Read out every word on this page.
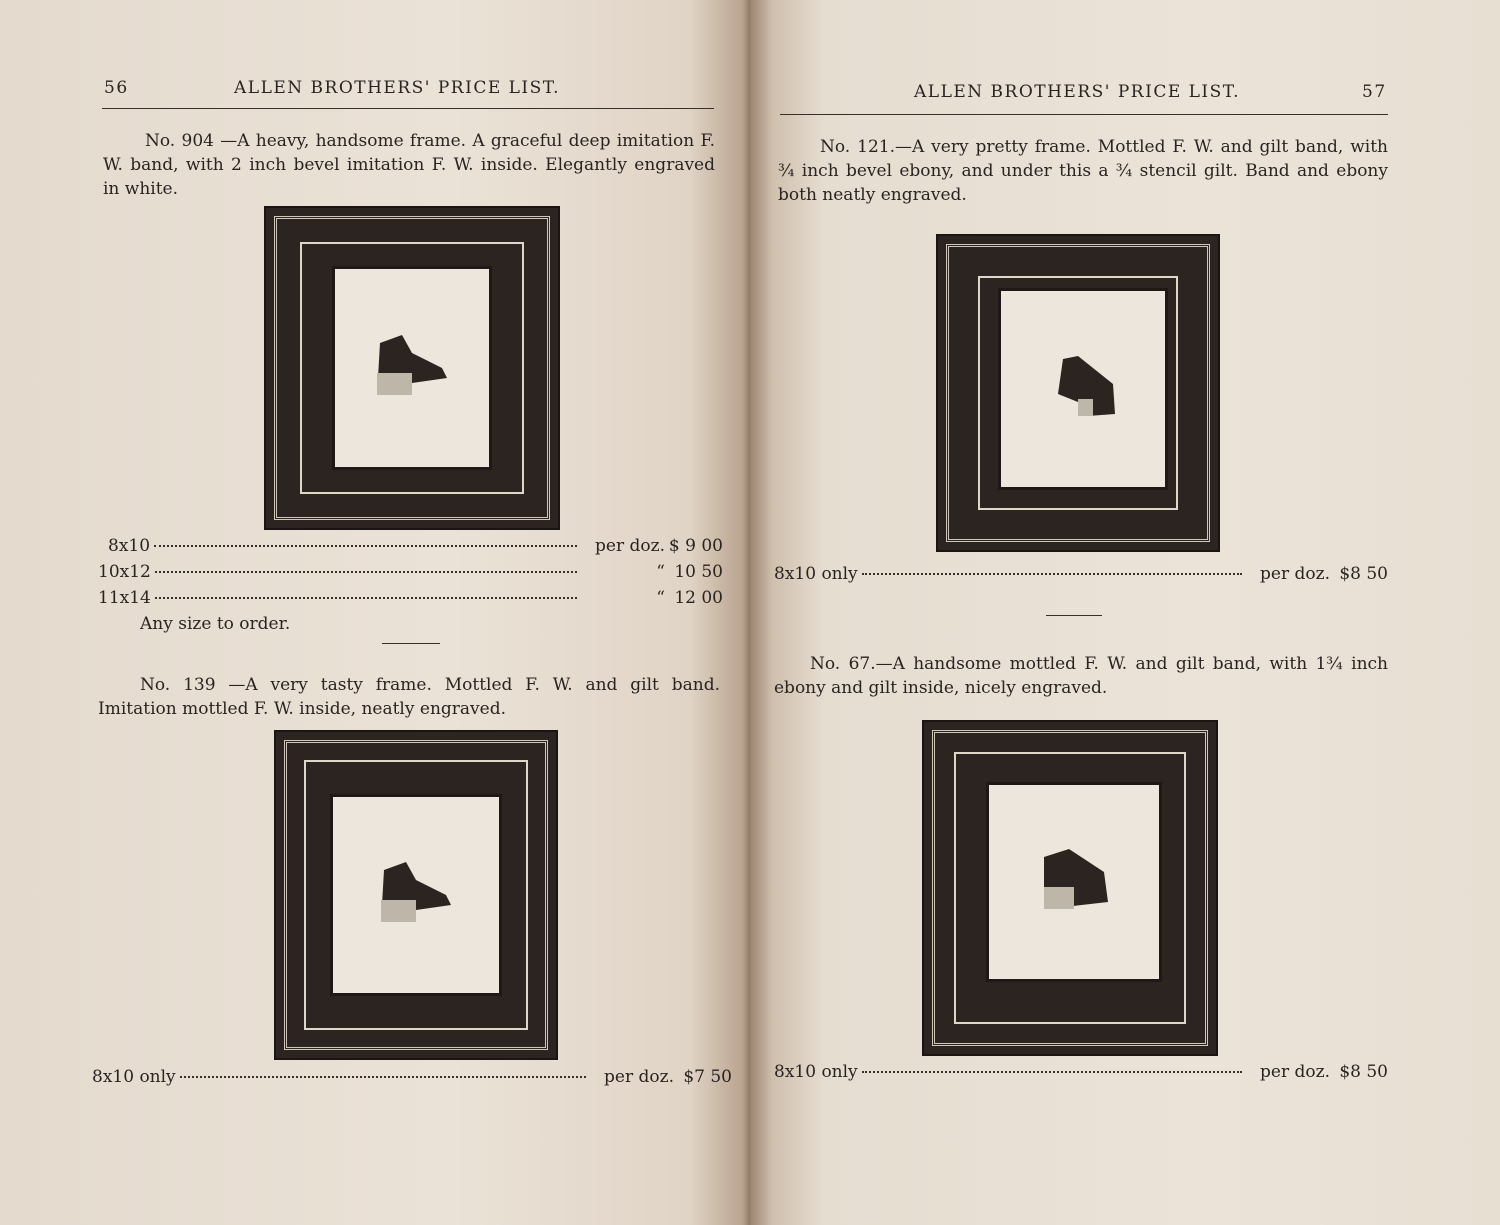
56	ALLEN BROTHERS' PRICE LIST.
No. 904 —A heavy, handsome frame. A graceful deep imitation F. W. band, with 2 inch bevel imitation F. W. inside. Elegantly engraved in white.
8x10	per doz. $ 9 00
10x12	“ 10 50
11x14	“ 12 00
Any size to order.
No. 139 —A very tasty frame. Mottled F. W. and gilt band. Imitation mottled F. W. inside, neatly engraved.
8x10 only	per doz. $7 50
ALLEN BROTHERS' PRICE LIST.	57
No. 121.—A very pretty frame. Mottled F. W. and gilt band, with ¾ inch bevel ebony, and under this a ¾ stencil gilt. Band and ebony both neatly engraved.
8x10 only	per doz. $8 50
No. 67.—A handsome mottled F. W. and gilt band, with 1¾ inch ebony and gilt inside, nicely engraved.
8x10 only	per doz. $8 50
